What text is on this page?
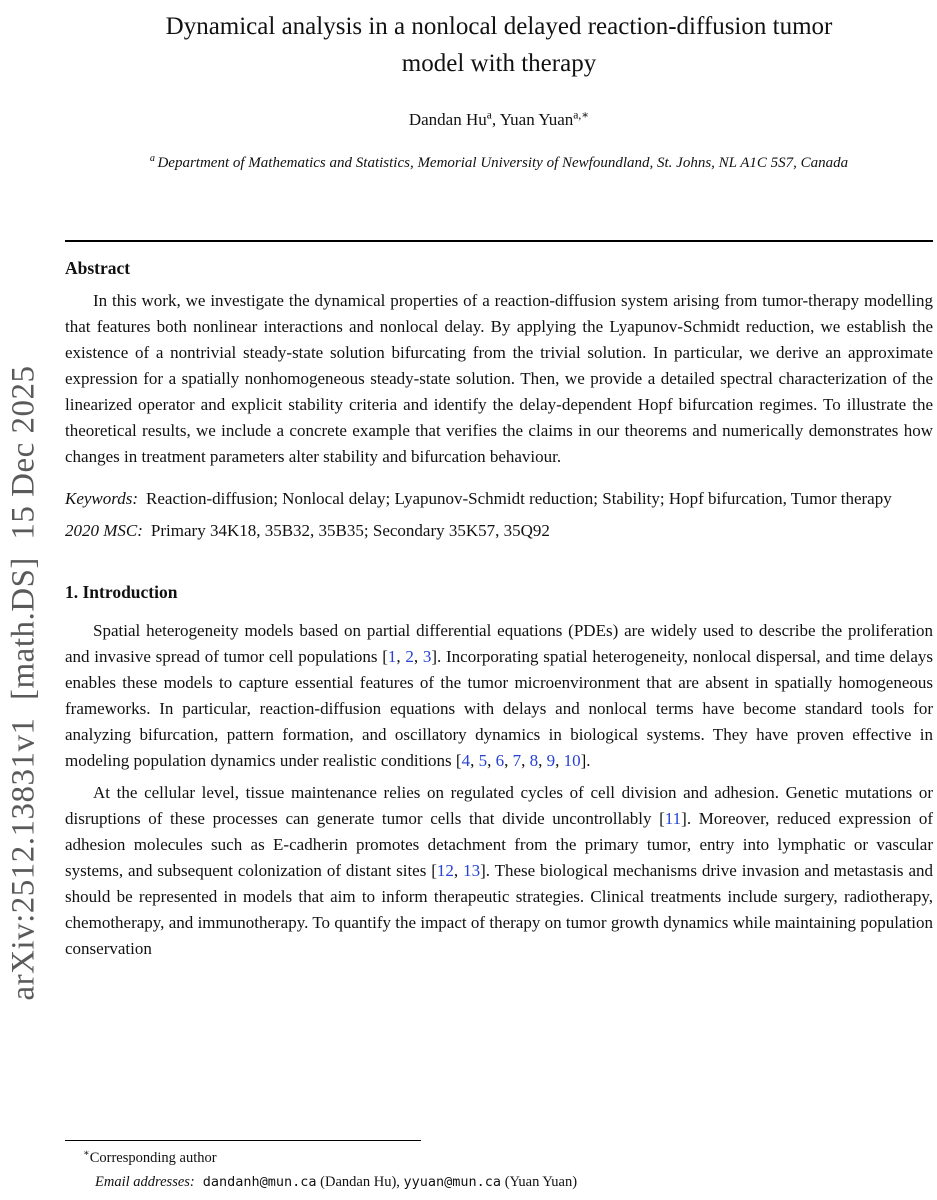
arXiv:2512.13831v1  [math.DS]  15 Dec 2025
Dynamical analysis in a nonlocal delayed reaction-diffusion tumor model with therapy
Dandan Hu$^a$, Yuan Yuan$^{a,∗}$
$^a$ Department of Mathematics and Statistics, Memorial University of Newfoundland, St. Johns, NL A1C 5S7, Canada
Abstract

In this work, we investigate the dynamical properties of a reaction-diffusion system arising from tumor-therapy modelling that features both nonlinear interactions and nonlocal delay. By applying the Lyapunov-Schmidt reduction, we establish the existence of a nontrivial steady-state solution bifurcating from the trivial solution. In particular, we derive an approximate expression for a spatially nonhomogeneous steady-state solution. Then, we provide a detailed spectral characterization of the linearized operator and explicit stability criteria and identify the delay-dependent Hopf bifurcation regimes. To illustrate the theoretical results, we include a concrete example that verifies the claims in our theorems and numerically demonstrates how changes in treatment parameters alter stability and bifurcation behaviour.

Keywords: Reaction-diffusion; Nonlocal delay; Lyapunov-Schmidt reduction; Stability; Hopf bifurcation, Tumor therapy

2020 MSC: Primary 34K18, 35B32, 35B35; Secondary 35K57, 35Q92

1. Introduction

Spatial heterogeneity models based on partial differential equations (PDEs) are widely used to describe the proliferation and invasive spread of tumor cell populations [1, 2, 3]. Incorporating spatial heterogeneity, nonlocal dispersal, and time delays enables these models to capture essential features of the tumor microenvironment that are absent in spatially homogeneous frameworks. In particular, reaction-diffusion equations with delays and nonlocal terms have become standard tools for analyzing bifurcation, pattern formation, and oscillatory dynamics in biological systems. They have proven effective in modeling population dynamics under realistic conditions [4, 5, 6, 7, 8, 9, 10].

At the cellular level, tissue maintenance relies on regulated cycles of cell division and adhesion. Genetic mutations or disruptions of these processes can generate tumor cells that divide uncontrollably [11]. Moreover, reduced expression of adhesion molecules such as E-cadherin promotes detachment from the primary tumor, entry into lymphatic or vascular systems, and subsequent colonization of distant sites [12, 13]. These biological mechanisms drive invasion and metastasis and should be represented in models that aim to inform therapeutic strategies. Clinical treatments include surgery, radiotherapy, chemotherapy, and immunotherapy. To quantify the impact of therapy on tumor growth dynamics while maintaining population conservation

∗Corresponding author

Email addresses: dandanh@mun.ca (Dandan Hu), yyuan@mun.ca (Yuan Yuan)
